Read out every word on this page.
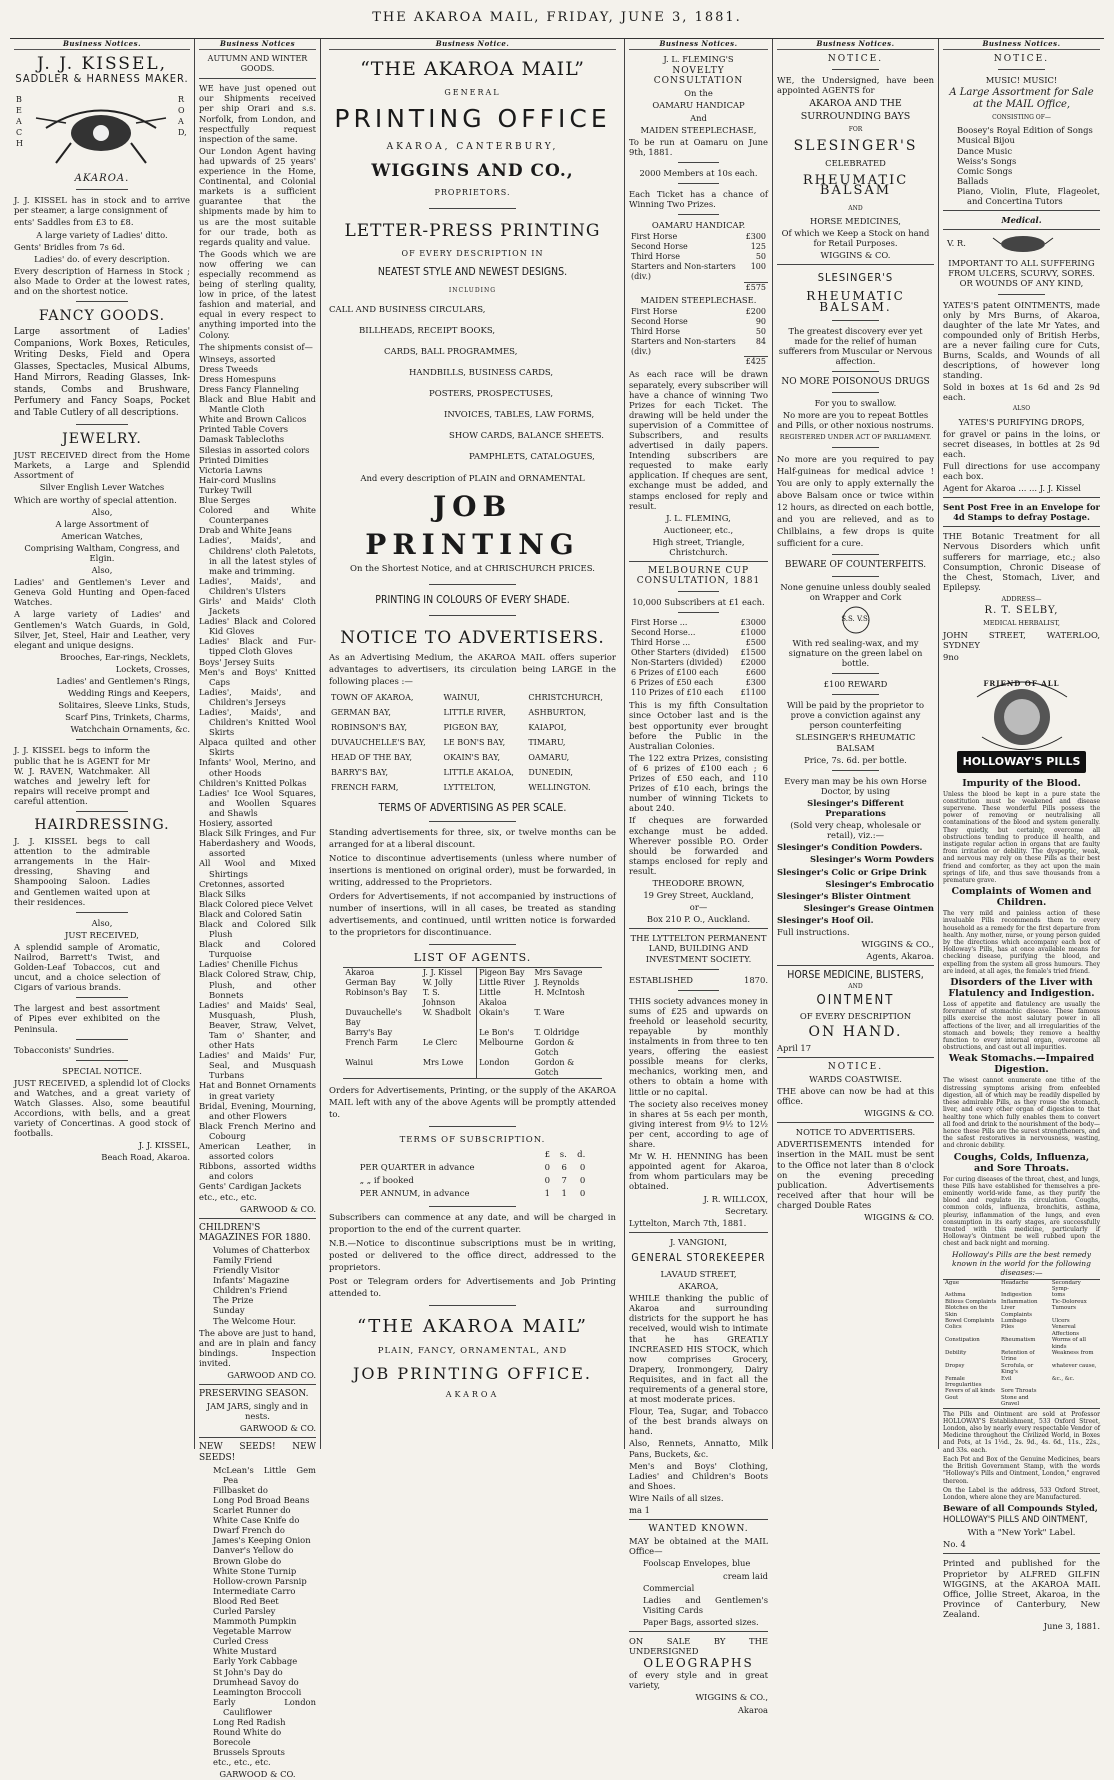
THE AKAROA MAIL, FRIDAY, JUNE 3, 1881.
Business Notices.
J. J. KISSEL,
SADDLER & HARNESS MAKER.
BEACH
ROAD,
AKAROA.

J. J. KISSEL has in stock and to arrive per steamer, a large consignment of

ents' Saddles from £3 to £8.

A large variety of Ladies' ditto.

Gents' Bridles from 7s 6d.

Ladies' do. of every description.

Every description of Harness in Stock ; also Made to Order at the lowest rates, and on the shortest notice.

FANCY GOODS.

Large assortment of Ladies' Companions, Work Boxes, Reticules, Writing Desks, Field and Opera Glasses, Spectacles, Musical Albums, Hand Mirrors, Reading Glasses, Ink-stands, Combs and Brushware, Perfumery and Fancy Soaps, Pocket and Table Cutlery of all descriptions.

JEWELRY.

JUST RECEIVED direct from the Home Markets, a Large and Splendid Assortment of

Silver English Lever Watches

Which are worthy of special attention.

Also,

A large Assortment of

American Watches,

Comprising Waltham, Congress, and Elgin.

Also,

Ladies' and Gentlemen's Lever and Geneva Gold Hunting and Open-faced Watches.

A large variety of Ladies' and Gentlemen's Watch Guards, in Gold, Silver, Jet, Steel, Hair and Leather, very elegant and unique designs.

Brooches, Ear-rings, Necklets,

Lockets, Crosses,

Ladies' and Gentlemen's Rings,

Wedding Rings and Keepers,

Solitaires, Sleeve Links, Studs,

Scarf Pins, Trinkets, Charms,

Watchchain Ornaments, &c.

J. J. KISSEL begs to inform the public that he is AGENT for Mr W. J. RAVEN, Watchmaker. All watches and jewelry left for repairs will receive prompt and careful attention.

HAIRDRESSING.

J. J. KISSEL begs to call attention to the admirable arrangements in the Hair-dressing, Shaving and Shampooing Saloon. Ladies and Gentlemen waited upon at their residences.

Also,

JUST RECEIVED,

A splendid sample of Aromatic, Nailrod, Barrett's Twist, and Golden-Leaf Tobaccos, cut and uncut, and a choice selection of Cigars of various brands.

The largest and best assortment of Pipes ever exhibited on the Peninsula.

Tobacconists' Sundries.

SPECIAL NOTICE.

JUST RECEIVED, a splendid lot of Clocks and Watches, and a great variety of Watch Glasses. Also, some beautiful Accordions, with bells, and a great variety of Concertinas. A good stock of footballs.

J. J. KISSEL,

Beach Road, Akaroa.

Business Notices
AUTUMN AND WINTER GOODS.

WE have just opened out our Shipments received per ship Orari and s.s. Norfolk, from London, and respectfully request inspection of the same.

Our London Agent having had upwards of 25 years' experience in the Home, Continental, and Colonial markets is a sufficient guarantee that the shipments made by him to us are the most suitable for our trade, both as regards quality and value.

The Goods which we are now offering we can especially recommend as being of sterling quality, low in price, of the latest fashion and material, and equal in every respect to anything imported into the Colony.

The shipments consist of—

Winseys, assorted

Dress Tweeds

Dress Homespuns

Dress Fancy Flanneling

Black and Blue Habit and Mantle Cloth

White and Brown Calicos

Printed Table Covers

Damask Tablecloths

Silesias in assorted colors

Printed Dimities

Victoria Lawns

Hair-cord Muslins

Turkey Twill

Blue Serges

Colored and White Counterpanes

Drab and White Jeans

Ladies', Maids', and Childrens' cloth Paletots, in all the latest styles of make and trimming.

Ladies', Maids', and Children's Ulsters

Girls' and Maids' Cloth Jackets

Ladies' Black and Colored Kid Gloves

Ladies' Black and Fur-tipped Cloth Gloves

Boys' Jersey Suits

Men's and Boys' Knitted Caps

Ladies', Maids', and Children's Jerseys

Ladies', Maids', and Children's Knitted Wool Skirts

Alpaca quilted and other Skirts

Infants' Wool, Merino, and other Hoods

Children's Knitted Polkas

Ladies' Ice Wool Squares, and Woollen Squares and Shawls

Hosiery, assorted

Black Silk Fringes, and Fur

Haberdashery and Woods, assorted

All Wool and Mixed Shirtings

Cretonnes, assorted

Black Silks

Black Colored piece Velvet

Black and Colored Satin

Black and Colored Silk Plush

Black and Colored Turquoise

Ladies' Chenille Fichus

Black Colored Straw, Chip, Plush, and other Bonnets

Ladies' and Maids' Seal, Musquash, Plush, Beaver, Straw, Velvet, Tam o' Shanter, and other Hats

Ladies' and Maids' Fur, Seal, and Musquash Turbans

Hat and Bonnet Ornaments in great variety

Bridal, Evening, Mourning, and other Flowers

Black French Merino and Cobourg

American Leather, in assorted colors

Ribbons, assorted widths and colors

Gents' Cardigan Jackets

etc., etc., etc.

GARWOOD & CO.

CHILDREN'S MAGAZINES FOR 1880.

Volumes of Chatterbox

Family Friend

Friendly Visitor

Infants' Magazine

Children's Friend

The Prize

Sunday

The Welcome Hour.

The above are just to hand, and are in plain and fancy bindings. Inspection invited.

GARWOOD AND CO.

PRESERVING SEASON.

JAM JARS, singly and in nests.

GARWOOD & CO.

NEW SEEDS! NEW SEEDS!

McLean's Little Gem Pea

Fillbasket do

Long Pod Broad Beans

Scarlet Runner do

White Case Knife do

Dwarf French do

James's Keeping Onion

Danver's Yellow do

Brown Globe do

White Stone Turnip

Hollow-crown Parsnip

Intermediate Carro

Blood Red Beet

Curled Parsley

Mammoth Pumpkin

Vegetable Marrow

Curled Cress

White Mustard

Early York Cabbage

St John's Day do

Drumhead Savoy do

Leamington Broccoli

Early London Cauliflower

Long Red Radish

Round White do

Borecole

Brussels Sprouts

etc., etc., etc.

GARWOOD & CO.

Business Notice.
“THE AKAROA MAIL”
GENERAL
PRINTING OFFICE
AKAROA, CANTERBURY,
WIGGINS AND CO.,
PROPRIETORS.
LETTER-PRESS PRINTING
OF EVERY DESCRIPTION IN
NEATEST STYLE AND NEWEST DESIGNS.
INCLUDING
CALL AND BUSINESS CIRCULARS,
BILLHEADS, RECEIPT BOOKS,
CARDS, BALL PROGRAMMES,
HANDBILLS, BUSINESS CARDS,
POSTERS, PROSPECTUSES,
INVOICES, TABLES, LAW FORMS,
SHOW CARDS, BALANCE SHEETS.
PAMPHLETS, CATALOGUES,
And every description of PLAIN and ORNAMENTAL
JOB PRINTING
On the Shortest Notice, and at CHRISCHURCH PRICES.
PRINTING IN COLOURS OF EVERY SHADE.
NOTICE TO ADVERTISERS.

As an Advertising Medium, the AKAROA MAIL offers superior advantages to advertisers, its circulation being LARGE in the following places :—

TOWN OF AKAROA,	WAINUI,	CHRISTCHURCH,
GERMAN BAY,	LITTLE RIVER,	ASHBURTON,
ROBINSON'S BAY,	PIGEON BAY,	KAIAPOI,
DUVAUCHELLE'S BAY,	LE BON'S BAY,	TIMARU,
HEAD OF THE BAY,	OKAIN'S BAY,	OAMARU,
BARRY'S BAY,	LITTLE AKALOA,	DUNEDIN,
FRENCH FARM,	LYTTELTON,	WELLINGTON.
TERMS OF ADVERTISING AS PER SCALE.

Standing advertisements for three, six, or twelve months can be arranged for at a liberal discount.

Notice to discontinue advertisements (unless where number of insertions is mentioned on original order), must be forwarded, in writing, addressed to the Proprietors.

Orders for Advertisements, if not accompanied by instructions of number of insertions, will in all cases, be treated as standing advertisements, and continued, until written notice is forwarded to the proprietors for discontinuance.

LIST OF AGENTS.
Akaroa	J. J. Kissel	Pigeon Bay	Mrs Savage
German Bay	W. Jolly	Little River	J. Reynolds
Robinson's Bay	T. S. Johnson	Little Akaloa	H. McIntosh
Duvauchelle's Bay	W. Shadbolt	Okain's	T. Ware
Barry's Bay		Le Bon's	T. Oldridge
French Farm	Le Clerc	Melbourne	Gordon & Gotch
Wainui	Mrs Lowe	London	Gordon & Gotch

Orders for Advertisements, Printing, or the supply of the AKAROA MAIL left with any of the above Agents will be promptly attended to.

TERMS OF SUBSCRIPTION.
	£	s.	d.
PER QUARTER in advance	0	6	0
„ „ if booked	0	7	0
PER ANNUM, in advance	1	1	0

Subscribers can commence at any date, and will be charged in proportion to the end of the current quarter.

N.B.—Notice to discontinue subscriptions must be in writing, posted or delivered to the office direct, addressed to the proprietors.

Post or Telegram orders for Advertisements and Job Printing attended to.

“THE AKAROA MAIL”
PLAIN, FANCY, ORNAMENTAL, AND
JOB PRINTING OFFICE.
AKAROA
Business Notices.

J. L. FLEMING'S

NOVELTY CONSULTATION

On the

OAMARU HANDICAP

And

MAIDEN STEEPLECHASE,

To be run at Oamaru on June 9th, 1881.

2000 Members at 10s each.

Each Ticket has a chance of Winning Two Prizes.

OAMARU HANDICAP.

First Horse	£300
Second Horse	125
Third Horse	50
Starters and Non-starters (div.)	100
	£575

MAIDEN STEEPLECHASE.

First Horse	£200
Second Horse	90
Third Horse	50
Starters and Non-starters (div.)	84
	£425

As each race will be drawn separately, every subscriber will have a chance of winning Two Prizes for each Ticket. The drawing will be held under the supervision of a Committee of Subscribers, and results advertised in daily papers. Intending subscribers are requested to make early application. If cheques are sent, exchange must be added, and stamps enclosed for reply and result.

J. L. FLEMING,

Auctioneer, etc.,

High street, Triangle, Christchurch.

MELBOURNE CUP CONSULTATION, 1881

10,000 Subscribers at £1 each.

First Horse ...	£3000
Second Horse...	£1000
Third Horse ...	£500
Other Starters (divided)	£1500
Non-Starters (divided)	£2000
6 Prizes of £100 each	£600
6 Prizes of £50 each	£300
110 Prizes of £10 each	£1100

This is my fifth Consultation since October last and is the best opportunity ever brought before the Public in the Australian Colonies.

The 122 extra Prizes, consisting of 6 prizes of £100 each ; 6 Prizes of £50 each, and 110 Prizes of £10 each, brings the number of winning Tickets to about 240.

If cheques are forwarded exchange must be added. Wherever possible P.O. Order should be forwarded and stamps enclosed for reply and result.

THEODORE BROWN,

19 Grey Street, Auckland,

or—

Box 210 P. O., Auckland.

THE LYTTELTON PERMANENT LAND, BUILDING AND INVESTMENT SOCIETY.

ESTABLISHED	1870.

THIS society advances money in sums of £25 and upwards on freehold or leasehold security, repayable by monthly instalments in from three to ten years, offering the easiest possible means for clerks, mechanics, working men, and others to obtain a home with little or no capital.

The society also receives money in shares at 5s each per month, giving interest from 9½ to 12½ per cent, according to age of share.

Mr W. H. HENNING has been appointed agent for Akaroa, from whom particulars may be obtained.

J. R. WILLCOX,

Secretary.

Lyttelton, March 7th, 1881.

J. VANGIONI,

GENERAL STOREKEEPER

LAVAUD STREET,

AKAROA,

WHILE thanking the public of Akaroa and surrounding districts for the support he has received, would wish to intimate that he has GREATLY INCREASED HIS STOCK, which now comprises Grocery, Drapery, Ironmongery, Dairy Requisites, and in fact all the requirements of a general store, at most moderate prices.

Flour, Tea, Sugar, and Tobacco of the best brands always on hand.

Also, Rennets, Annatto, Milk Pans, Buckets, &c.

Men's and Boys' Clothing, Ladies' and Children's Boots and Shoes.

Wire Nails of all sizes.

ma 1

WANTED KNOWN.

MAY be obtained at the MAIL Office—

Foolscap Envelopes, blue

cream laid

Commercial

Ladies and Gentlemen's Visiting Cards

Paper Bags, assorted sizes.

ON SALE BY THE UNDERSIGNED

OLEOGRAPHS

of every style and in great variety,

WIGGINS & CO.,

Akaroa

Business Notices.

NOTICE.

WE, the Undersigned, have been appointed AGENTS for

AKAROA AND THE SURROUNDING BAYS

FOR

SLESINGER'S

CELEBRATED

RHEUMATIC BALSAM

AND

HORSE MEDICINES,

Of which we Keep a Stock on hand for Retail Purposes.

WIGGINS & CO.

SLESINGER'S

RHEUMATIC BALSAM.

The greatest discovery ever yet made for the relief of human sufferers from Muscular or Nervous affection.

NO MORE POISONOUS DRUGS

For you to swallow.

No more are you to repeat Bottles and Pills, or other noxious nostrums.

REGISTERED UNDER ACT OF PARLIAMENT.

No more are you required to pay Half-guineas for medical advice ! You are only to apply externally the above Balsam once or twice within 12 hours, as directed on each bottle, and you are relieved, and as to Chilblains, a few drops is quite sufficient for a cure.

BEWARE OF COUNTERFEITS.

None genuine unless doubly sealed on Wrapper and Cork

S.S. V.S.

With red sealing-wax, and my signature on the green label on bottle.

£100 REWARD

Will be paid by the proprietor to prove a conviction against any person counterfeiting

SLESINGER'S RHEUMATIC BALSAM

Price, 7s. 6d. per bottle.

Every man may be his own Horse Doctor, by using

Slesinger's Different Preparations

(Sold very cheap, wholesale or retail), viz.:—

Slesinger's Condition Powders.

Slesinger's Worm Powders

Slesinger's Colic or Gripe Drink

Slesinger's Embrocatio

Slesinger's Blister Ointment

Slesinger's Grease Ointmen

Slesinger's Hoof Oil.

Full instructions.

WIGGINS & CO.,

Agents, Akaroa.

HORSE MEDICINE, BLISTERS,

AND

OINTMENT

OF EVERY DESCRIPTION

ON HAND.

April 17

NOTICE.

WARDS COASTWISE.

THE above can now be had at this office.

WIGGINS & CO.

NOTICE TO ADVERTISERS.

ADVERTISEMENTS intended for insertion in the MAIL must be sent to the Office not later than 8 o'clock on the evening preceding publication. Advertisements received after that hour will be charged Double Rates

WIGGINS & CO.

Business Notices.

NOTICE.

MUSIC! MUSIC!

A Large Assortment for Sale at the MAIL Office,

CONSISTING OF—

Boosey's Royal Edition of Songs

Musical Bijou

Dance Music

Weiss's Songs

Comic Songs

Ballads

Piano, Violin, Flute, Flageolet, and Concertina Tutors

Medical.

V. R.

IMPORTANT TO ALL SUFFERING FROM ULCERS, SCURVY, SORES. OR WOUNDS OF ANY KIND,

YATES'S patent OINTMENTS, made only by Mrs Burns, of Akaroa, daughter of the late Mr Yates, and compounded only of British Herbs, are a never failing cure for Cuts, Burns, Scalds, and Wounds of all descriptions, of however long standing.

Sold in boxes at 1s 6d and 2s 9d each.

ALSO

YATES'S PURIFYING DROPS,

for gravel or pains in the loins, or secret diseases, in bottles at 2s 9d each.

Full directions for use accompany each box.

Agent for Akaroa ... ... J. J. Kissel

Sent Post Free in an Envelope for 4d Stamps to defray Postage.

THE Botanic Treatment for all Nervous Disorders which unfit sufferers for marriage, etc.; also Consumption, Chronic Disease of the Chest, Stomach, Liver, and Epilepsy.

ADDRESS—

R. T. SELBY,

MEDICAL HERBALIST,

JOHN STREET, WATERLOO, SYDNEY

9no

FRIEND OF ALL
HOLLOWAY'S PILLS

Impurity of the Blood.

Unless the blood be kept in a pure state the constitution must be weakened and disease supervene. These wonderful Pills possess the power of removing or neutralising all contaminations of the blood and system generally. They quietly, but certainly, overcome all obstructions tending to produce ill health, and instigate regular action in organs that are faulty from irritation or debility. The dyspeptic, weak, and nervous may rely on these Pills as their best friend and comforter, as they act upon the main springs of life, and thus save thousands from a premature grave.

Complaints of Women and Children.

The very mild and painless action of these invaluable Pills recommends them to every household as a remedy for the first departure from health. Any mother, nurse, or young person guided by the directions which accompany each box of Holloway's Pills, has at once available means for checking disease, purifying the blood, and expelling from the system all gross humours. They are indeed, at all ages, the female's tried friend.

Disorders of the Liver with Flatulency and Indigestion.

Loss of appetite and flatulency are usually the forerunner of stomachic disease. These famous pills exercise the most salutary power in all affections of the liver, and all irregularities of the stomach and bowels; they remove a healthy function to every internal organ, overcome all obstructions, and cast out all impurities.

Weak Stomachs.—Impaired Digestion.

The wisest cannot enumerate one tithe of the distressing symptoms arising from enfeebled digestion, all of which may be readily dispelled by these admirable Pills, as they rouse the stomach, liver, and every other organ of digestion to that healthy tone which fully enables them to convert all food and drink to the nourishment of the body—hence these Pills are the surest strengtheners, and the safest restoratives in nervousness, wasting, and chronic debility.

Coughs, Colds, Influenza, and Sore Throats.

For curing diseases of the throat, chest, and lungs, these Pills have established for themselves a pre-eminently world-wide fame, as they purify the blood and regulate its circulation. Coughs, common colds, influenza, bronchitis, asthma, pleurisy, inflammation of the lungs, and even consumption in its early stages, are successfully treated with this medicine, particularly if Holloway's Ointment be well rubbed upon the chest and back night and morning.

Holloway's Pills are the best remedy known in the world for the following diseases:—

Ague	Headache	Secondary Symp-
Asthma	Indigestion	toms
Bilious Complaints	Inflammation	Tic-Doloreux
Blotches on the Skin	Liver Complaints	Tumours
Bowel Complaints	Lumbago	Ulcers
Colics	Piles	Venereal Affections
Constipation	Rheumatism	Worms of all kinds
Debility	Retention of Urine	Weakness from
Dropsy	Scrofula, or King's	whatever cause,
Female Irregularities	Evil	&c., &c.
Fevers of all kinds	Sore Throats	
Gout	Stone and Gravel	

The Pills and Ointment are sold at Professor HOLLOWAY'S Establishment, 533 Oxford Street, London, also by nearly every respectable Vendor of Medicine throughout the Civilized World, in Boxes and Pots, at 1s 1½d., 2s. 9d., 4s. 6d., 11s., 22s., and 33s. each.

Each Pot and Box of the Genuine Medicines, bears the British Government Stamp, with the words "Holloway's Pills and Ointment, London," engraved thereon.

On the Label is the address, 533 Oxford Street, London, where alone they are Manufactured.

Beware of all Compounds Styled,

HOLLOWAY'S PILLS AND OINTMENT,

With a "New York" Label.

No. 4

Printed and published for the Proprietor by ALFRED GILFIN WIGGINS, at the AKAROA MAIL Office, Jollie Street, Akaroa, in the Province of Canterbury, New Zealand.

June 3, 1881.
